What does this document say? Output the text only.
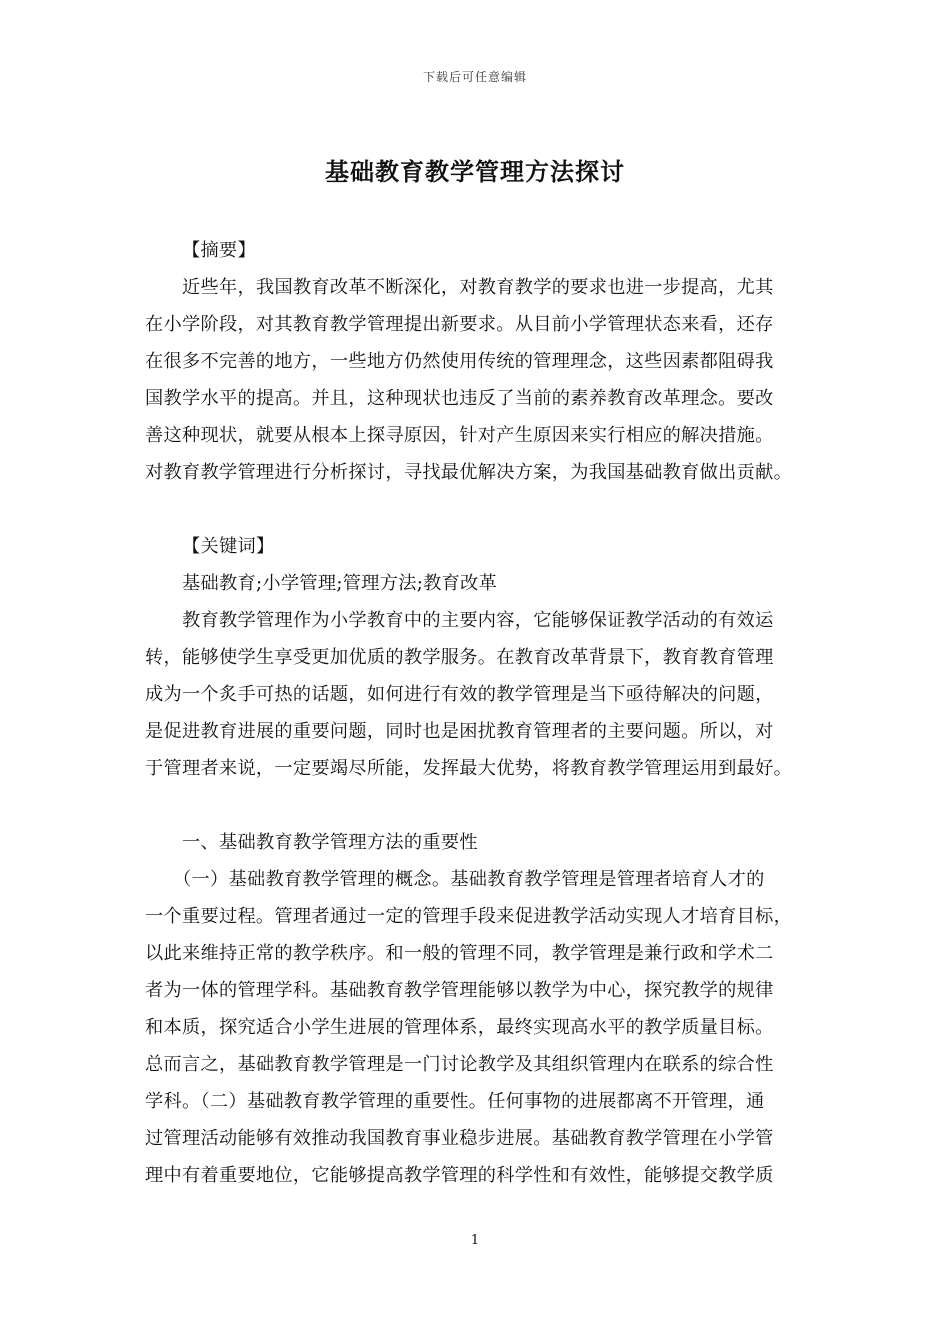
下载后可任意编辑
基础教育教学管理方法探讨
【摘要】
近些年，我国教育改革不断深化，对教育教学的要求也进一步提高，尤其
在小学阶段，对其教育教学管理提出新要求。从目前小学管理状态来看，还存
在很多不完善的地方，一些地方仍然使用传统的管理理念，这些因素都阻碍我
国教学水平的提高。并且，这种现状也违反了当前的素养教育改革理念。要改
善这种现状，就要从根本上探寻原因，针对产生原因来实行相应的解决措施。
对教育教学管理进行分析探讨，寻找最优解决方案，为我国基础教育做出贡献。
【关键词】
基础教育;小学管理;管理方法;教育改革
教育教学管理作为小学教育中的主要内容，它能够保证教学活动的有效运
转，能够使学生享受更加优质的教学服务。在教育改革背景下，教育教育管理
成为一个炙手可热的话题，如何进行有效的教学管理是当下亟待解决的问题，
是促进教育进展的重要问题，同时也是困扰教育管理者的主要问题。所以，对
于管理者来说，一定要竭尽所能，发挥最大优势，将教育教学管理运用到最好。
一、基础教育教学管理方法的重要性
（一）基础教育教学管理的概念。基础教育教学管理是管理者培育人才的
一个重要过程。管理者通过一定的管理手段来促进教学活动实现人才培育目标，
以此来维持正常的教学秩序。和一般的管理不同，教学管理是兼行政和学术二
者为一体的管理学科。基础教育教学管理能够以教学为中心，探究教学的规律
和本质，探究适合小学生进展的管理体系，最终实现高水平的教学质量目标。
总而言之，基础教育教学管理是一门讨论教学及其组织管理内在联系的综合性
学科。（二）基础教育教学管理的重要性。任何事物的进展都离不开管理，通
过管理活动能够有效推动我国教育事业稳步进展。基础教育教学管理在小学管
理中有着重要地位，它能够提高教学管理的科学性和有效性，能够提交教学质
1
